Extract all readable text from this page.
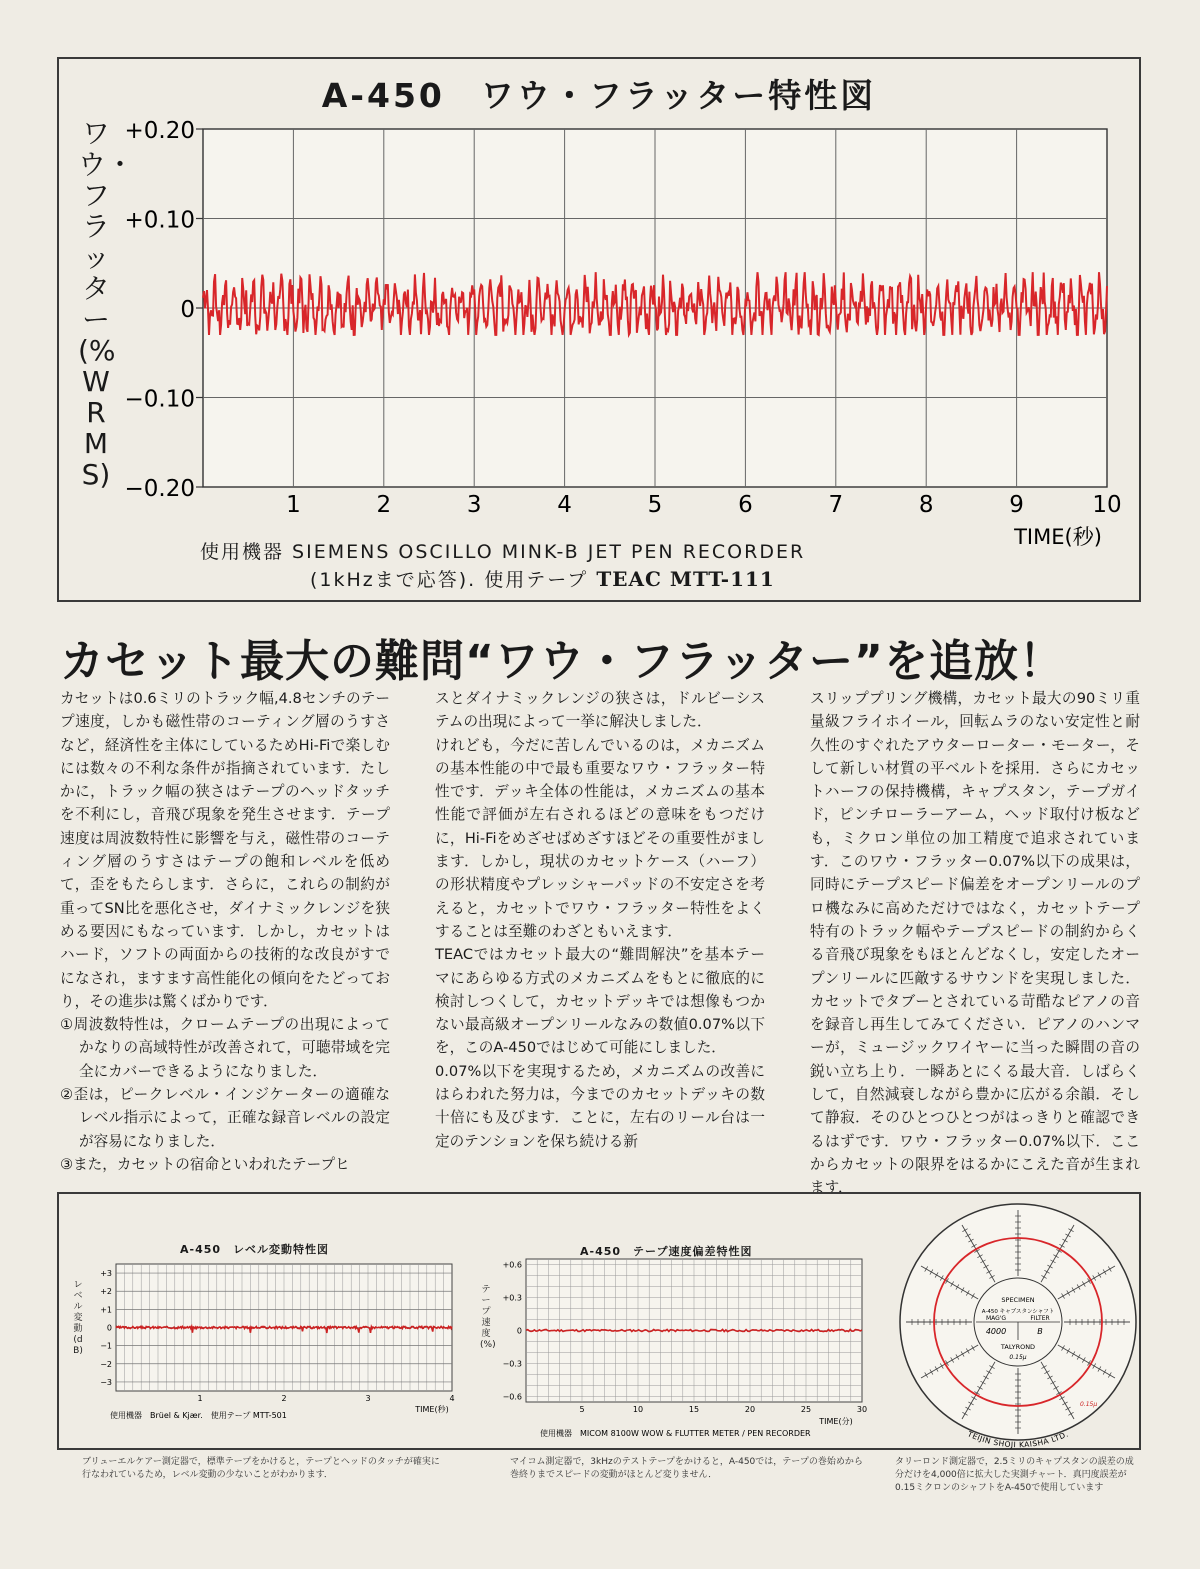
A-450　ワウ・フラッター特性図
ワウ・フラッター(%WRMS)
+0.20
+0.10
0
−0.10
−0.20
1	2	3	4	5	6	7	8	9	10
TIME(秒)
使用機器 SIEMENS OSCILLO MINK-B JET PEN RECORDER
(1kHzまで応答). 使用テープ TEAC MTT-111
カセット最大の難問“ワウ・フラッター”を追放！

カセットは0.6ミリのトラック幅,4.8センチのテープ速度，しかも磁性帯のコーティング層のうすさなど，経済性を主体にしているためHi-Fiで楽しむには数々の不利な条件が指摘されています．たしかに，トラック幅の狭さはテープのヘッドタッチを不利にし，音飛び現象を発生させます．テープ速度は周波数特性に影響を与え，磁性帯のコーティング層のうすさはテープの飽和レベルを低めて，歪をもたらします．さらに，これらの制約が重ってSN比を悪化させ，ダイナミックレンジを狭める要因にもなっています．しかし，カセットはハード，ソフトの両面からの技術的な改良がすでになされ，ますます高性能化の傾向をたどっており，その進歩は驚くばかりです．

①周波数特性は，クロームテープの出現によってかなりの高域特性が改善されて，可聴帯域を完全にカバーできるようになりました．

②歪は，ピークレベル・インジケーターの適確なレベル指示によって，正確な録音レベルの設定が容易になりました．

③また，カセットの宿命といわれたテープヒ

スとダイナミックレンジの狭さは，ドルビーシステムの出現によって一挙に解決しました．

けれども，今だに苦しんでいるのは，メカニズムの基本性能の中で最も重要なワウ・フラッター特性です．デッキ全体の性能は，メカニズムの基本性能で評価が左右されるほどの意味をもつだけに，Hi-Fiをめざせばめざすほどその重要性がまします．しかし，現状のカセットケース（ハーフ）の形状精度やプレッシャーパッドの不安定さを考えると，カセットでワウ・フラッター特性をよくすることは至難のわざともいえます．

TEACではカセット最大の“難問解決”を基本テーマにあらゆる方式のメカニズムをもとに徹底的に検討しつくして，カセットデッキでは想像もつかない最高級オープンリールなみの数値0.07%以下を，このA-450ではじめて可能にしました．

0.07%以下を実現するため，メカニズムの改善にはらわれた努力は，今までのカセットデッキの数十倍にも及びます．ことに，左右のリール台は一定のテンションを保ち続ける新

スリッププリング機構，カセット最大の90ミリ重量級フライホイール，回転ムラのない安定性と耐久性のすぐれたアウターローター・モーター，そして新しい材質の平ベルトを採用．さらにカセットハーフの保持機構，キャプスタン，テープガイド，ピンチローラーアーム，ヘッド取付け板なども，ミクロン単位の加工精度で追求されています．このワウ・フラッター0.07%以下の成果は，同時にテープスピード偏差をオープンリールのプロ機なみに高めただけではなく，カセットテープ特有のトラック幅やテープスピードの制約からくる音飛び現象をもほとんどなくし，安定したオープンリールに匹敵するサウンドを実現しました．カセットでタブーとされている苛酷なピアノの音を録音し再生してみてください．ピアノのハンマーが，ミュージックワイヤーに当った瞬間の音の鋭い立ち上り．一瞬あとにくる最大音．しばらくして，自然減衰しながら豊かに広がる余韻．そして静寂．そのひとつひとつがはっきりと確認できるはずです．ワウ・フラッター0.07%以下．ここからカセットの限界をはるかにこえた音が生まれます．

A-450　レベル変動特性図
レベル変動(dB)
A-450　テープ速度偏差特性図
テープ速度(%)
+3
+2
+1
0
−1
−2
−3
1	2	3	4
TIME(秒)
使用機器　Brüel & Kjær.　使用テープ MTT-501
+0.6
+0.3
0
−0.3
−0.6
5	10	15	20	25	30
TIME(分)
使用機器　MICOM 8100W WOW & FLUTTER METER / PEN RECORDER
SPECIMEN
A-450 キャプスタンシャフト
MAG'G	FILTER
4000	B
TALYROND
0.15μ
0.15μ
TEIJIN SHOJI KAISHA LTD.
ブリューエルケアー測定器で，標準テープをかけると，テープとヘッドのタッチが確実に行なわれているため，レベル変動の少ないことがわかります．
マイコム測定器で，3kHzのテストテープをかけると，A-450では，テープの巻始めから巻終りまでスピードの変動がほとんど変りません．
タリーロンド測定器で，2.5ミリのキャプスタンの誤差の成分だけを4,000倍に拡大した実測チャート．真円度誤差が0.15ミクロンのシャフトをA-450で使用しています
